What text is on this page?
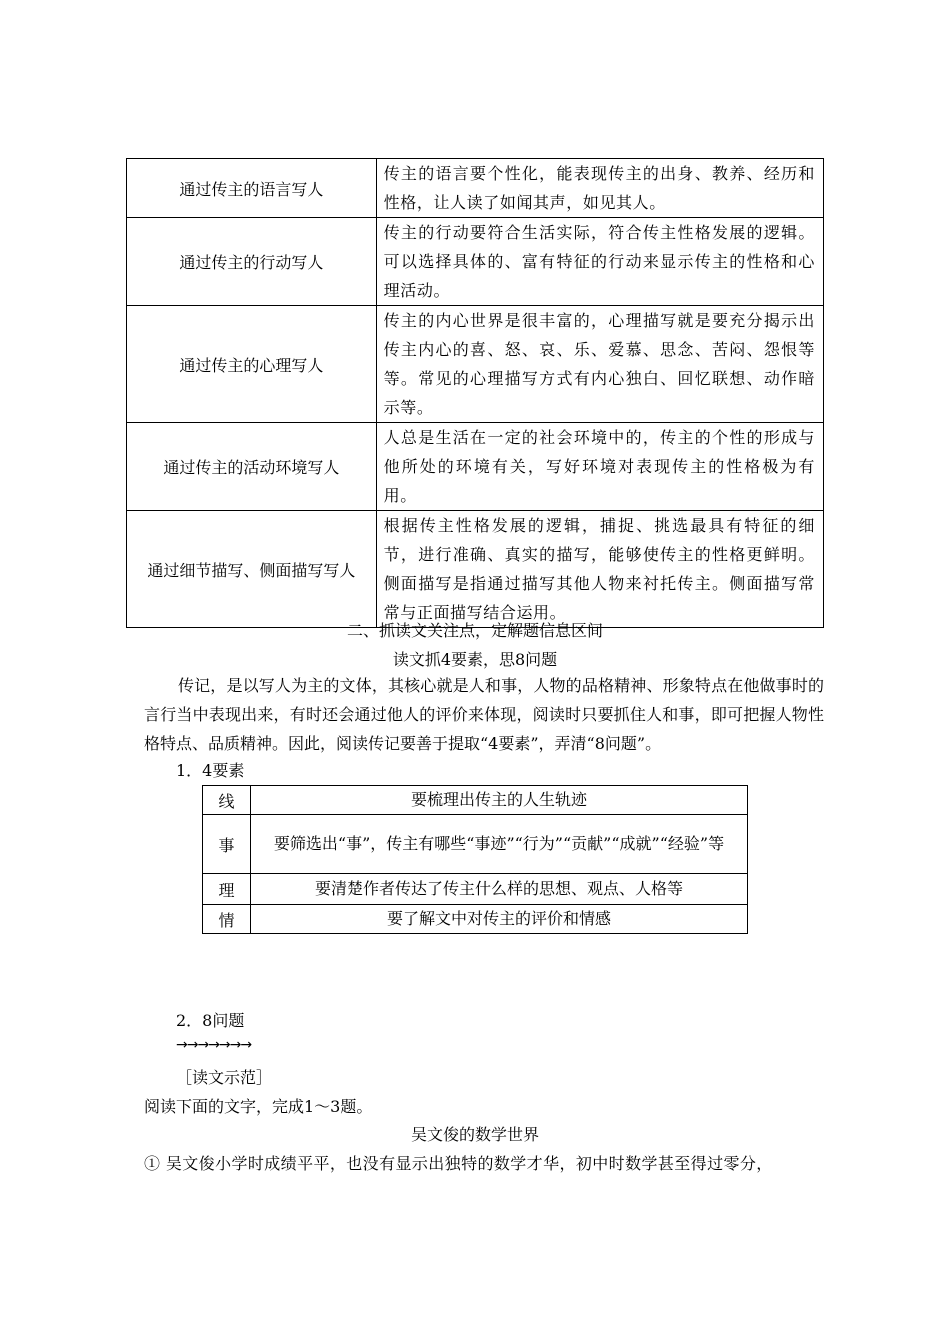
通过传主的语言写人	传主的语言要个性化，能表现传主的出身、教养、经历和性格，让人读了如闻其声，如见其人。
通过传主的行动写人	传主的行动要符合生活实际，符合传主性格发展的逻辑。可以选择具体的、富有特征的行动来显示传主的性格和心理活动。
通过传主的心理写人	传主的内心世界是很丰富的，心理描写就是要充分揭示出传主内心的喜、怒、哀、乐、爱慕、思念、苦闷、怨恨等等。常见的心理描写方式有内心独白、回忆联想、动作暗示等。
通过传主的活动环境写人	人总是生活在一定的社会环境中的，传主的个性的形成与他所处的环境有关，写好环境对表现传主的性格极为有用。
通过细节描写、侧面描写写人	根据传主性格发展的逻辑，捕捉、挑选最具有特征的细节，进行准确、真实的描写，能够使传主的性格更鲜明。侧面描写是指通过描写其他人物来衬托传主。侧面描写常常与正面描写结合运用。
二、抓读文关注点，定解题信息区间
读文抓4要素，思8问题
传记，是以写人为主的文体，其核心就是人和事，人物的品格精神、形象特点在他做事时的言行当中表现出来，有时还会通过他人的评价来体现，阅读时只要抓住人和事，即可把握人物性格特点、品质精神。因此，阅读传记要善于提取“4要素”，弄清“8问题”。
1．4要素
线	要梳理出传主的人生轨迹
事	要筛选出“事”，传主有哪些“事迹”“行为”“贡献”“成就”“经验”等
理	要清楚作者传达了传主什么样的思想、观点、人格等
情	要了解文中对传主的评价和情感
2．8问题
→→→→→→→
［读文示范］
阅读下面的文字，完成1～3题。
吴文俊的数学世界
① 吴文俊小学时成绩平平，也没有显示出独特的数学才华，初中时数学甚至得过零分，
